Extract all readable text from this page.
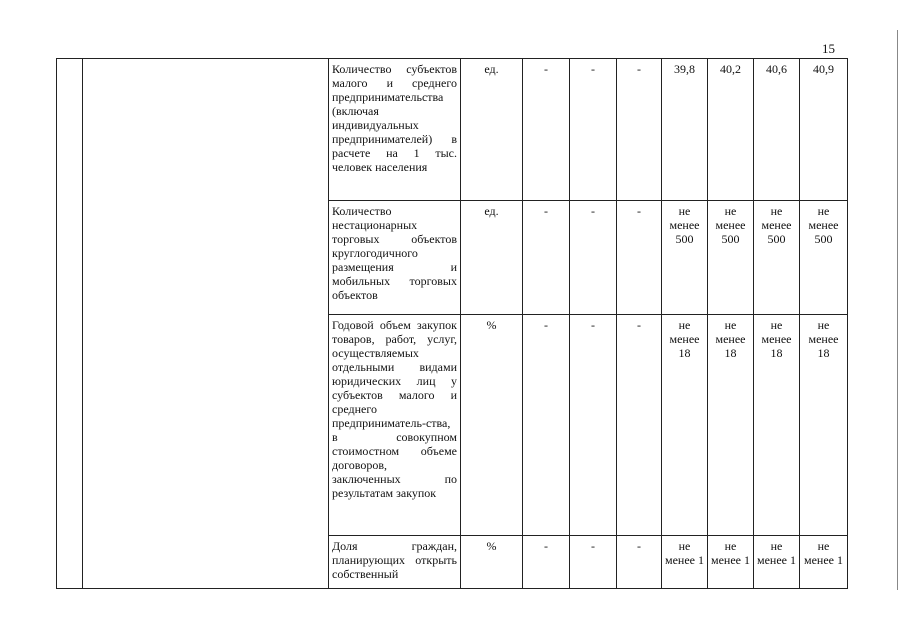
15
		Количество субъектов малого и среднего предпринимательства (включая индивидуальных предпринимателей) в расчете на 1 тыс. человек населения	ед.	-	-	-	39,8	40,2	40,6	40,9
		Количество нестационарных торговых объектов круглогодичного размещения и мобильных торговых объектов	ед.	-	-	-	не менее 500	не менее 500	не менее 500	не менее 500
		Годовой объем закупок товаров, работ, услуг, осуществляемых отдельными видами юридических лиц у субъектов малого и среднего предприниматель-ства, в совокупном стоимостном объеме договоров, заключенных по результатам закупок	%	-	-	-	не менее 18	не менее 18	не менее 18	не менее 18
		Доля граждан, планирующих открыть собственный	%	-	-	-	не менее 1	не менее 1	не менее 1	не менее 1
